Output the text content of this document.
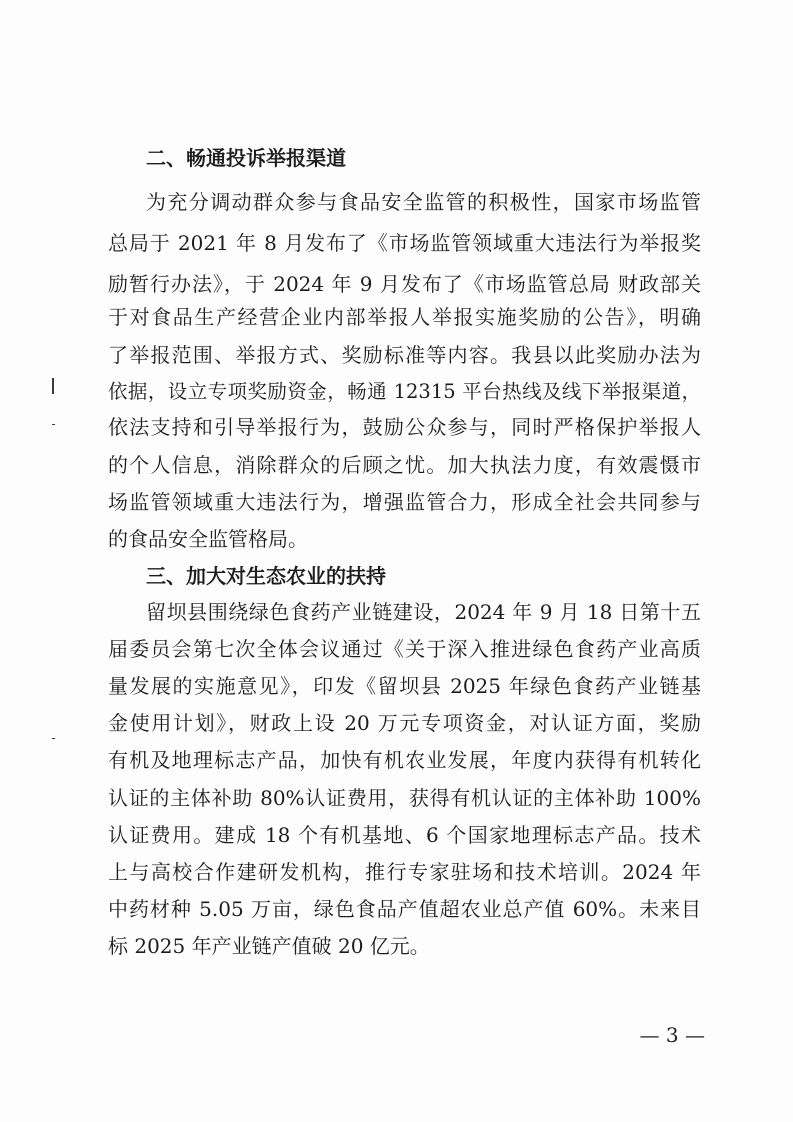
二、畅通投诉举报渠道
为充分调动群众参与食品安全监管的积极性，国家市场监管
总局于 2021 年 8 月发布了《市场监管领域重大违法行为举报奖
励暂行办法》，于 2024 年 9 月发布了《市场监管总局 财政部关
于对食品生产经营企业内部举报人举报实施奖励的公告》，明确
了举报范围、举报方式、奖励标准等内容。我县以此奖励办法为
依据，设立专项奖励资金，畅通 12315 平台热线及线下举报渠道，
依法支持和引导举报行为，鼓励公众参与，同时严格保护举报人
的个人信息，消除群众的后顾之忧。加大执法力度，有效震慑市
场监管领域重大违法行为，增强监管合力，形成全社会共同参与
的食品安全监管格局。
三、加大对生态农业的扶持
留坝县围绕绿色食药产业链建设，2024 年 9 月 18 日第十五
届委员会第七次全体会议通过《关于深入推进绿色食药产业高质
量发展的实施意见》，印发《留坝县 2025 年绿色食药产业链基
金使用计划》，财政上设 20 万元专项资金，对认证方面，奖励
有机及地理标志产品，加快有机农业发展，年度内获得有机转化
认证的主体补助 80%认证费用，获得有机认证的主体补助 100%
认证费用。建成 18 个有机基地、6 个国家地理标志产品。技术
上与高校合作建研发机构，推行专家驻场和技术培训。2024 年
中药材种 5.05 万亩，绿色食品产值超农业总产值 60%。未来目
标 2025 年产业链产值破 20 亿元。
— 3 —
